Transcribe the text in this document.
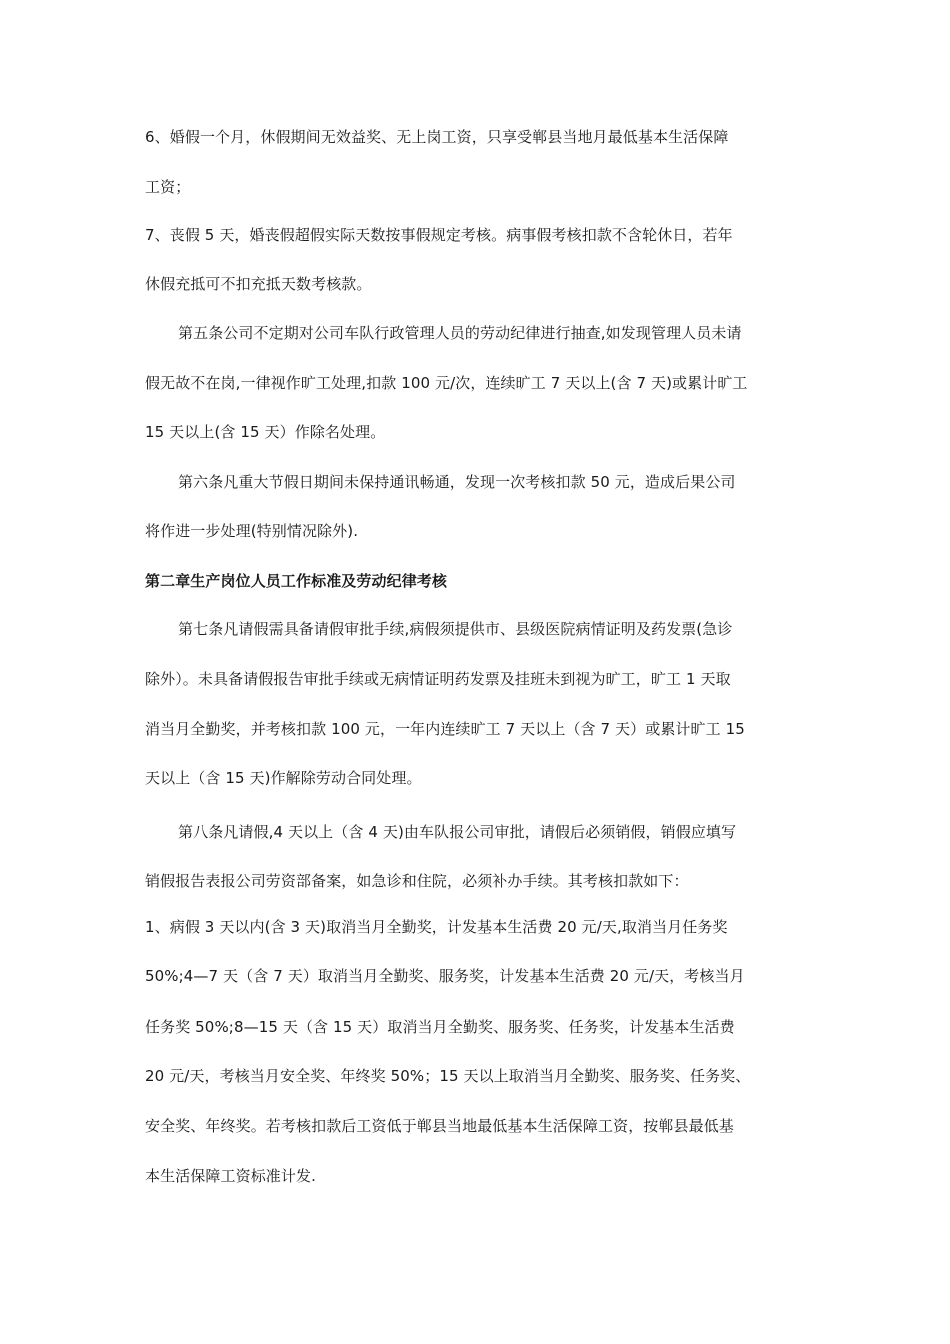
6、婚假一个月，休假期间无效益奖、无上岗工资，只享受郸县当地月最低基本生活保障
工资；
7、丧假 5 天，婚丧假超假实际天数按事假规定考核。病事假考核扣款不含轮休日，若年
休假充抵可不扣充抵天数考核款。
第五条公司不定期对公司车队行政管理人员的劳动纪律进行抽查,如发现管理人员未请
假无故不在岗,一律视作旷工处理,扣款 100 元/次，连续旷工 7 天以上(含 7 天)或累计旷工
15 天以上(含 15 天）作除名处理。
第六条凡重大节假日期间未保持通讯畅通，发现一次考核扣款 50 元，造成后果公司
将作进一步处理(特别情况除外).
第二章生产岗位人员工作标准及劳动纪律考核
第七条凡请假需具备请假审批手续,病假须提供市、县级医院病情证明及药发票(急诊
除外）。未具备请假报告审批手续或无病情证明药发票及挂班未到视为旷工，旷工 1 天取
消当月全勤奖，并考核扣款 100 元，一年内连续旷工 7 天以上（含 7 天）或累计旷工 15
天以上（含 15 天)作解除劳动合同处理。
第八条凡请假,4 天以上（含 4 天)由车队报公司审批，请假后必须销假，销假应填写
销假报告表报公司劳资部备案，如急诊和住院，必须补办手续。其考核扣款如下：
1、病假 3 天以内(含 3 天)取消当月全勤奖，计发基本生活费 20 元/天,取消当月任务奖
50%;4—7 天（含 7 天）取消当月全勤奖、服务奖，计发基本生活费 20 元/天，考核当月
任务奖 50%;8—15 天（含 15 天）取消当月全勤奖、服务奖、任务奖，计发基本生活费
20 元/天，考核当月安全奖、年终奖 50%；15 天以上取消当月全勤奖、服务奖、任务奖、
安全奖、年终奖。若考核扣款后工资低于郸县当地最低基本生活保障工资，按郸县最低基
本生活保障工资标准计发.
